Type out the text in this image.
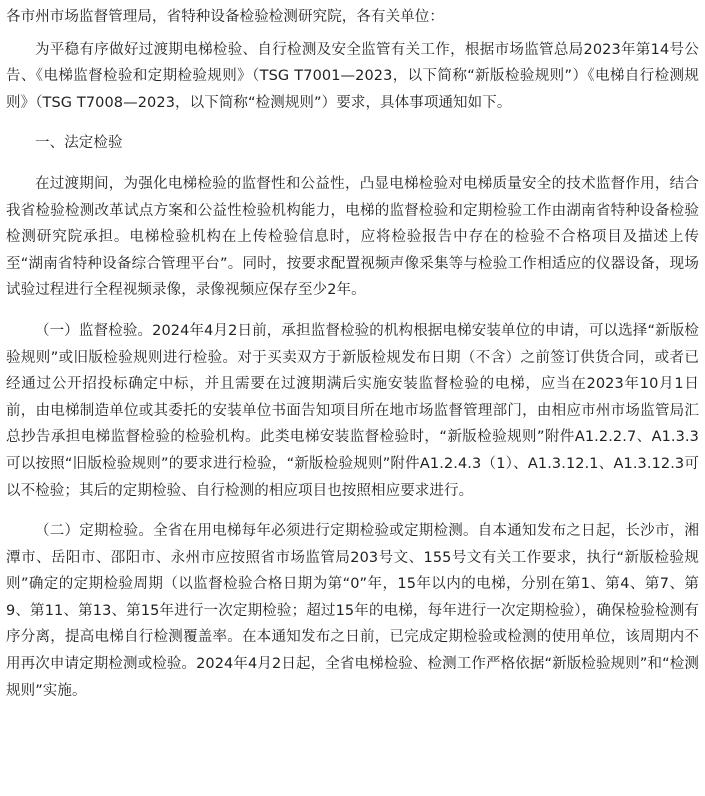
各市州市场监督管理局，省特种设备检验检测研究院，各有关单位：

为平稳有序做好过渡期电梯检验、自行检测及安全监管有关工作，根据市场监管总局2023年第14号公告、《电梯监督检验和定期检验规则》（TSG T7001—2023，以下简称“新版检验规则”）《电梯自行检测规则》（TSG T7008—2023，以下简称“检测规则”）要求，具体事项通知如下。

一、法定检验

在过渡期间，为强化电梯检验的监督性和公益性，凸显电梯检验对电梯质量安全的技术监督作用，结合我省检验检测改革试点方案和公益性检验机构能力，电梯的监督检验和定期检验工作由湖南省特种设备检验检测研究院承担。电梯检验机构在上传检验信息时，应将检验报告中存在的检验不合格项目及描述上传至“湖南省特种设备综合管理平台”。同时，按要求配置视频声像采集等与检验工作相适应的仪器设备，现场试验过程进行全程视频录像，录像视频应保存至少2年。

（一）监督检验。2024年4月2日前，承担监督检验的机构根据电梯安装单位的申请，可以选择“新版检验规则”或旧版检验规则进行检验。对于买卖双方于新版检规发布日期（不含）之前签订供货合同，或者已经通过公开招投标确定中标，并且需要在过渡期满后实施安装监督检验的电梯，应当在2023年10月1日前，由电梯制造单位或其委托的安装单位书面告知项目所在地市场监督管理部门，由相应市州市场监管局汇总抄告承担电梯监督检验的检验机构。此类电梯安装监督检验时，“新版检验规则”附件A1.2.2.7、A1.3.3可以按照“旧版检验规则”的要求进行检验，“新版检验规则”附件A1.2.4.3（1）、A1.3.12.1、A1.3.12.3可以不检验；其后的定期检验、自行检测的相应项目也按照相应要求进行。

（二）定期检验。全省在用电梯每年必须进行定期检验或定期检测。自本通知发布之日起，长沙市，湘潭市、岳阳市、邵阳市、永州市应按照省市场监管局203号文、155号文有关工作要求，执行“新版检验规则”确定的定期检验周期（以监督检验合格日期为第“0”年，15年以内的电梯，分别在第1、第4、第7、第9、第11、第13、第15年进行一次定期检验；超过15年的电梯，每年进行一次定期检验），确保检验检测有序分离，提高电梯自行检测覆盖率。在本通知发布之日前，已完成定期检验或检测的使用单位，该周期内不用再次申请定期检测或检验。2024年4月2日起，全省电梯检验、检测工作严格依据“新版检验规则”和“检测规则”实施。
